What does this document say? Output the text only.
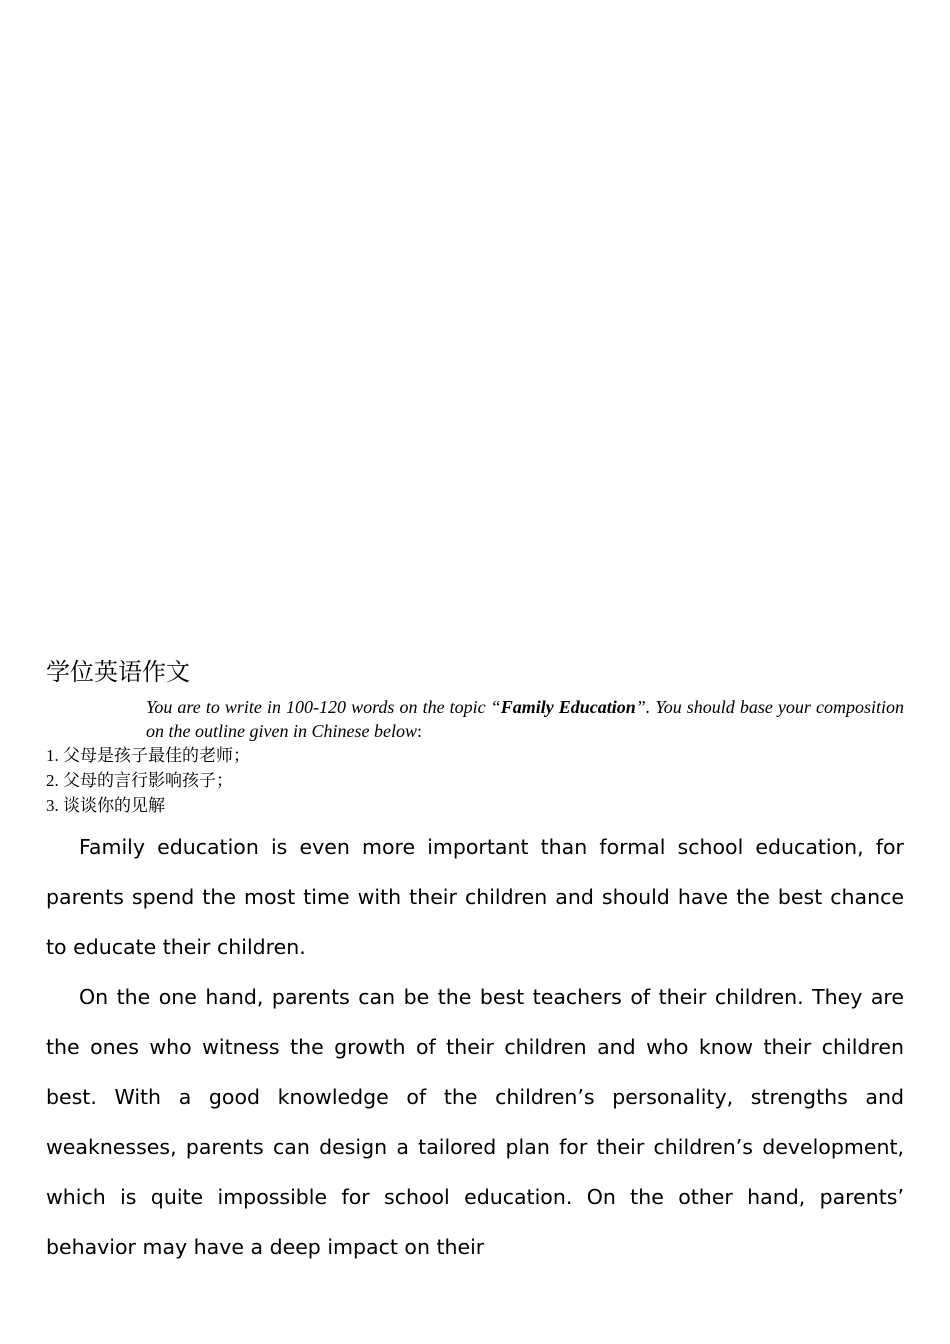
学位英语作文

You are to write in 100-120 words on the topic “Family Education”. You should base your composition on the outline given in Chinese below:

1. 父母是孩子最佳的老师；
2. 父母的言行影响孩子；
3. 谈谈你的见解

Family education is even more important than formal school education, for parents spend the most time with their children and should have the best chance to educate their children.

On the one hand, parents can be the best teachers of their children. They are the ones who witness the growth of their children and who know their children best. With a good knowledge of the children’s personality, strengths and weaknesses, parents can design a tailored plan for their children’s development, which is quite impossible for school education. On the other hand, parents’ behavior may have a deep impact on their
